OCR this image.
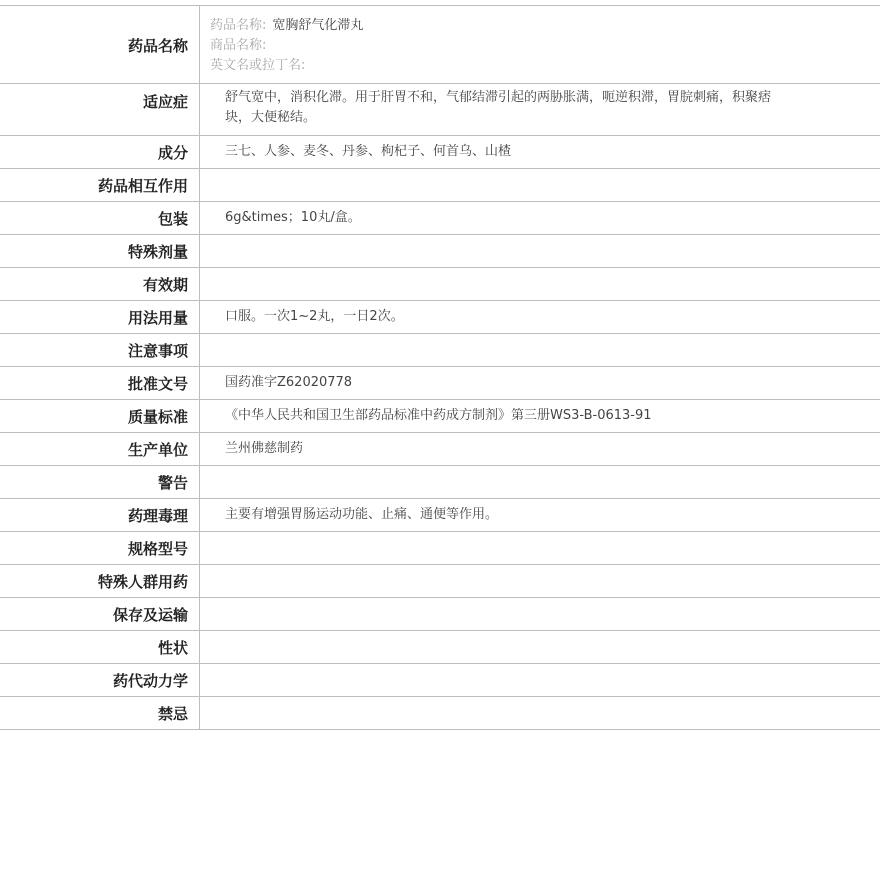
药品名称
药品名称: 宽胸舒气化滞丸
商品名称:
英文名或拉丁名:
适应症	舒气宽中，消积化滞。用于肝胃不和，气郁结滞引起的两胁胀满，呃逆积滞，胃脘刺痛，积聚痞块，大便秘结。
成分	三七、人参、麦冬、丹参、枸杞子、何首乌、山楂
药品相互作用
包装	6g&times；10丸/盒。
特殊剂量
有效期
用法用量	口服。一次1~2丸，一日2次。
注意事项
批准文号	国药准字Z62020778
质量标准	《中华人民共和国卫生部药品标准中药成方制剂》第三册WS3-B-0613-91
生产单位	兰州佛慈制药
警告
药理毒理	主要有增强胃肠运动功能、止痛、通便等作用。
规格型号
特殊人群用药
保存及运输
性状
药代动力学
禁忌
